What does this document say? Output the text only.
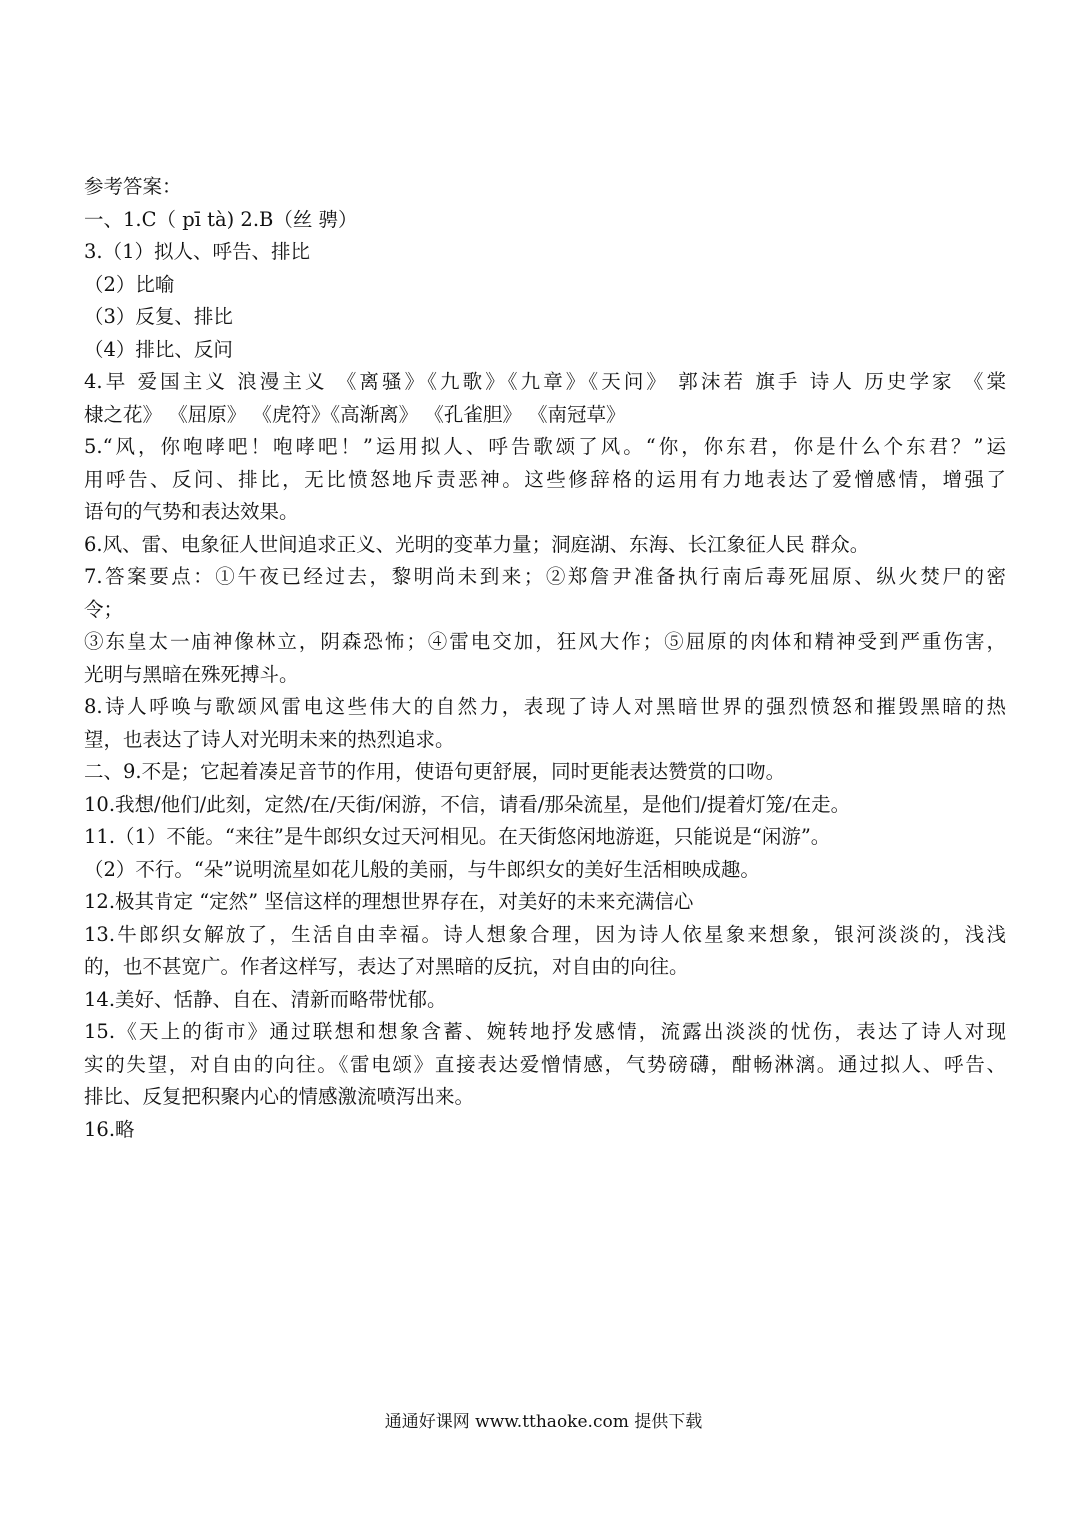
参考答案：
一、1.C（ pī tà) 2.B（丝 骋）
3.（1）拟人、呼告、排比
（2）比喻
（3）反复、排比
（4）排比、反问
4.早 爱国主义 浪漫主义 《离骚》《九歌》《九章》《天问》 郭沫若 旗手 诗人 历史学家 《棠
棣之花》 《屈原》 《虎符》《高渐离》 《孔雀胆》 《南冠草》
5.“风，你咆哮吧！咆哮吧！”运用拟人、呼告歌颂了风。“你，你东君，你是什么个东君？”运
用呼告、反问、排比，无比愤怒地斥责恶神。这些修辞格的运用有力地表达了爱憎感情，增强了
语句的气势和表达效果。
6.风、雷、电象征人世间追求正义、光明的变革力量；洞庭湖、东海、长江象征人民 群众。
7.答案要点：①午夜已经过去，黎明尚未到来；②郑詹尹准备执行南后毒死屈原、纵火焚尸的密
令；
③东皇太一庙神像林立，阴森恐怖；④雷电交加，狂风大作；⑤屈原的肉体和精神受到严重伤害，
光明与黑暗在殊死搏斗。
8.诗人呼唤与歌颂风雷电这些伟大的自然力，表现了诗人对黑暗世界的强烈愤怒和摧毁黑暗的热
望，也表达了诗人对光明未来的热烈追求。
二、9.不是；它起着凑足音节的作用，使语句更舒展，同时更能表达赞赏的口吻。
10.我想/他们/此刻，定然/在/天街/闲游，不信，请看/那朵流星，是他们/提着灯笼/在走。
11.（1）不能。“来往”是牛郎织女过天河相见。在天街悠闲地游逛，只能说是“闲游”。
（2）不行。“朵”说明流星如花儿般的美丽，与牛郎织女的美好生活相映成趣。
12.极其肯定 “定然” 坚信这样的理想世界存在，对美好的未来充满信心
13.牛郎织女解放了，生活自由幸福。诗人想象合理，因为诗人依星象来想象，银河淡淡的，浅浅
的，也不甚宽广。作者这样写，表达了对黑暗的反抗，对自由的向往。
14.美好、恬静、自在、清新而略带忧郁。
15.《天上的街市》通过联想和想象含蓄、婉转地抒发感情，流露出淡淡的忧伤，表达了诗人对现
实的失望，对自由的向往。《雷电颂》直接表达爱憎情感，气势磅礴，酣畅淋漓。通过拟人、呼告、
排比、反复把积聚内心的情感激流喷泻出来。
16.略
通通好课网 www.tthaoke.com 提供下载
